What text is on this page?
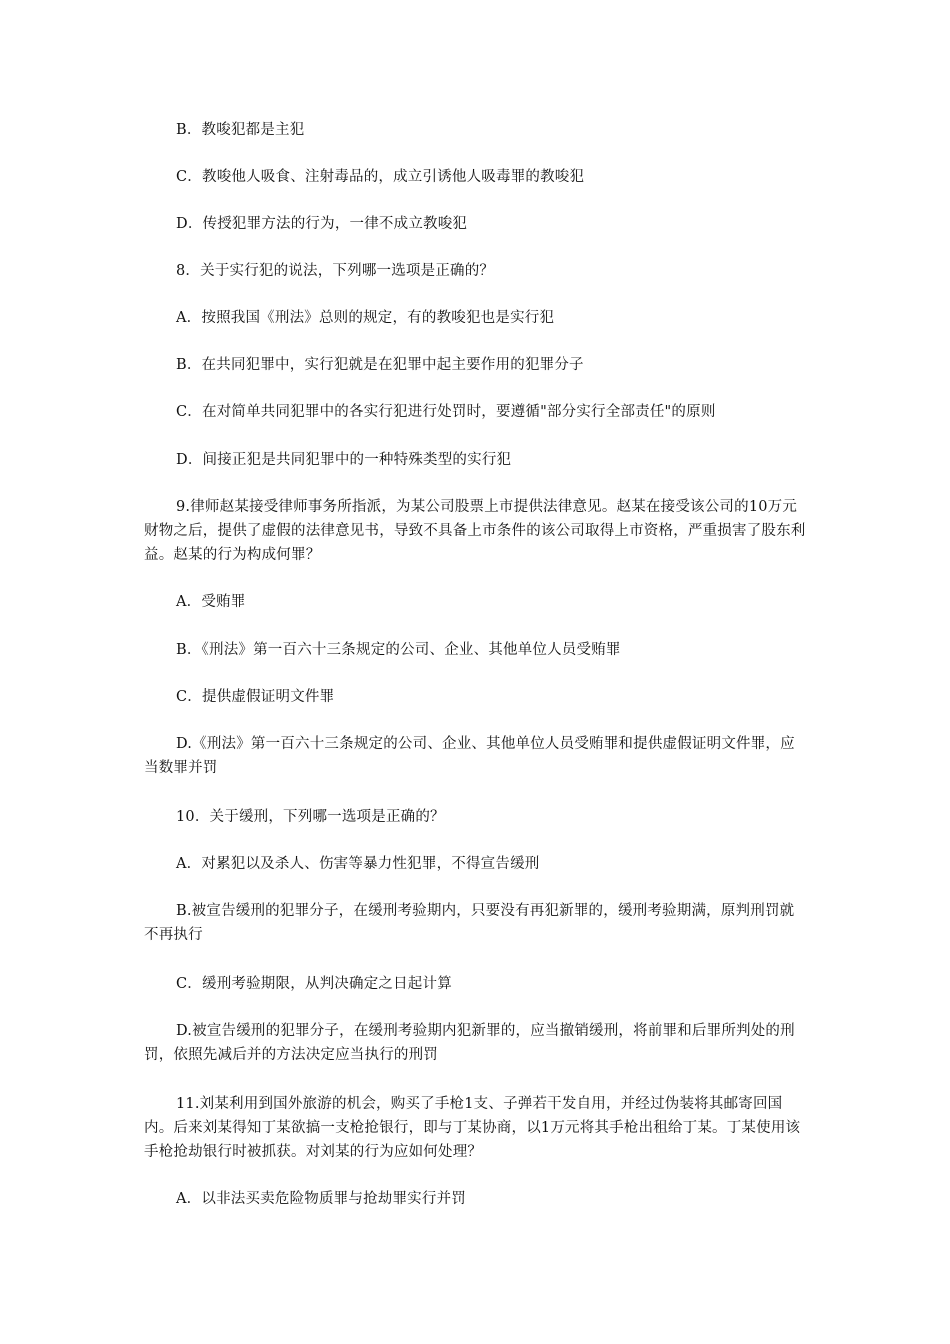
B．教唆犯都是主犯
C．教唆他人吸食、注射毒品的，成立引诱他人吸毒罪的教唆犯
D．传授犯罪方法的行为，一律不成立教唆犯
8．关于实行犯的说法，下列哪一选项是正确的？
A．按照我国《刑法》总则的规定，有的教唆犯也是实行犯
B．在共同犯罪中，实行犯就是在犯罪中起主要作用的犯罪分子
C．在对简单共同犯罪中的各实行犯进行处罚时，要遵循"部分实行全部责任"的原则
D．间接正犯是共同犯罪中的一种特殊类型的实行犯
9.律师赵某接受律师事务所指派，为某公司股票上市提供法律意见。赵某在接受该公司的10万元财物之后，提供了虚假的法律意见书，导致不具备上市条件的该公司取得上市资格，严重损害了股东利益。赵某的行为构成何罪？
A．受贿罪
B．《刑法》第一百六十三条规定的公司、企业、其他单位人员受贿罪
C．提供虚假证明文件罪
D.《刑法》第一百六十三条规定的公司、企业、其他单位人员受贿罪和提供虚假证明文件罪，应当数罪并罚
10．关于缓刑，下列哪一选项是正确的？
A．对累犯以及杀人、伤害等暴力性犯罪，不得宣告缓刑
B.被宣告缓刑的犯罪分子，在缓刑考验期内，只要没有再犯新罪的，缓刑考验期满，原判刑罚就不再执行
C．缓刑考验期限，从判决确定之日起计算
D.被宣告缓刑的犯罪分子，在缓刑考验期内犯新罪的，应当撤销缓刑，将前罪和后罪所判处的刑罚，依照先减后并的方法决定应当执行的刑罚
11.刘某利用到国外旅游的机会，购买了手枪1支、子弹若干发自用，并经过伪装将其邮寄回国内。后来刘某得知丁某欲搞一支枪抢银行，即与丁某协商，以1万元将其手枪出租给丁某。丁某使用该手枪抢劫银行时被抓获。对刘某的行为应如何处理？
A．以非法买卖危险物质罪与抢劫罪实行并罚
